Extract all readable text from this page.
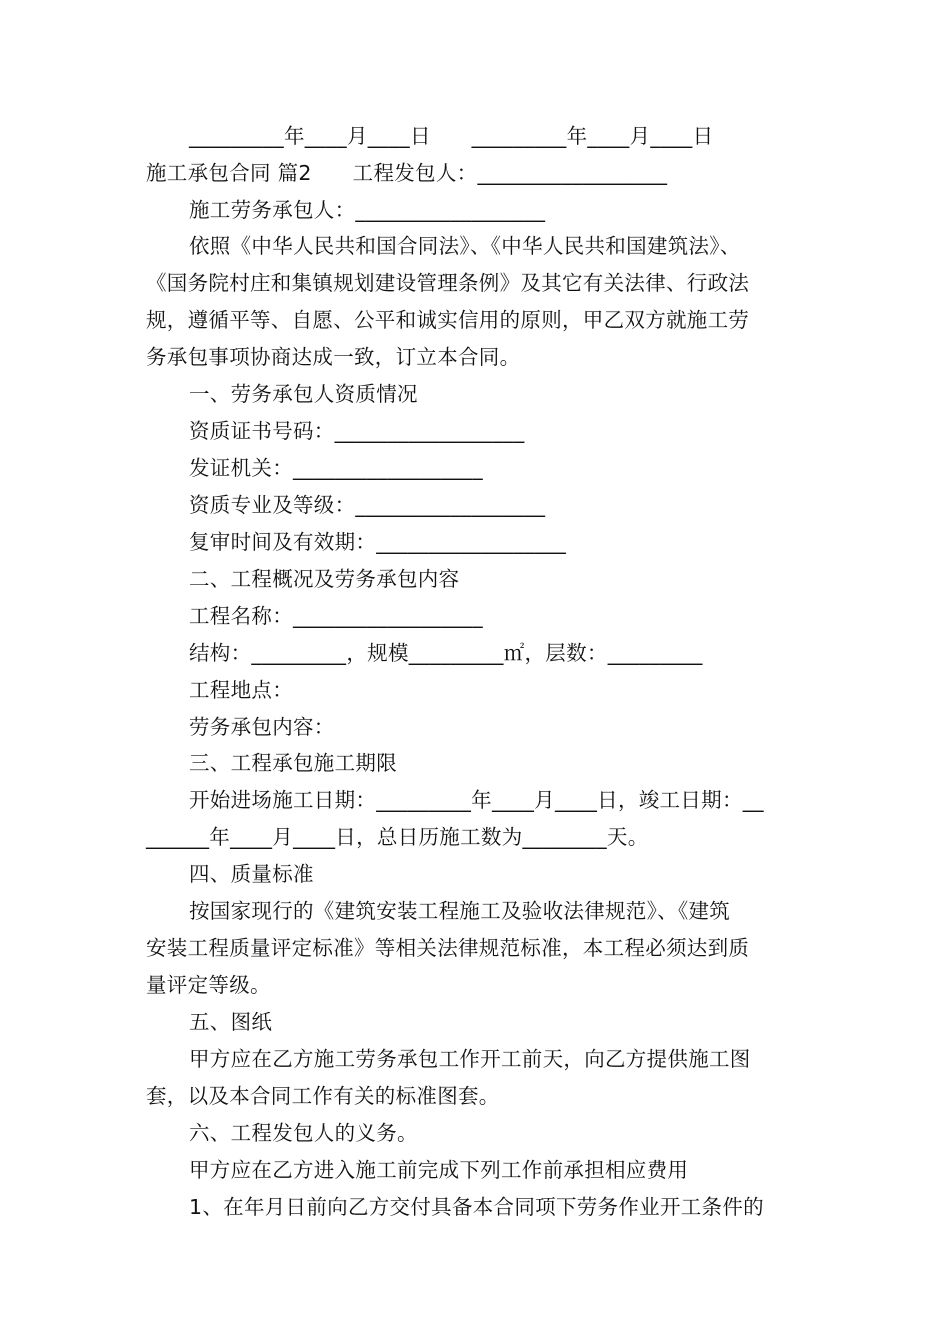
_________年____月____日      _________年____月____日
施工承包合同 篇2      工程发包人：__________________
施工劳务承包人：__________________
依照《中华人民共和国合同法》、《中华人民共和国建筑法》、
《国务院村庄和集镇规划建设管理条例》及其它有关法律、行政法
规，遵循平等、自愿、公平和诚实信用的原则，甲乙双方就施工劳
务承包事项协商达成一致，订立本合同。
一、劳务承包人资质情况
资质证书号码：__________________
发证机关：__________________
资质专业及等级：__________________
复审时间及有效期：__________________
二、工程概况及劳务承包内容
工程名称：__________________
结构：_________，规模_________㎡，层数：_________
工程地点：
劳务承包内容：
三、工程承包施工期限
开始进场施工日期：_________年____月____日，竣工日期：__
______年____月____日，总日历施工数为________天。
四、质量标准
按国家现行的《建筑安装工程施工及验收法律规范》、《建筑
安装工程质量评定标准》等相关法律规范标准，本工程必须达到质
量评定等级。
五、图纸
甲方应在乙方施工劳务承包工作开工前天，向乙方提供施工图
套，以及本合同工作有关的标准图套。
六、工程发包人的义务。
甲方应在乙方进入施工前完成下列工作前承担相应费用
1、在年月日前向乙方交付具备本合同项下劳务作业开工条件的
